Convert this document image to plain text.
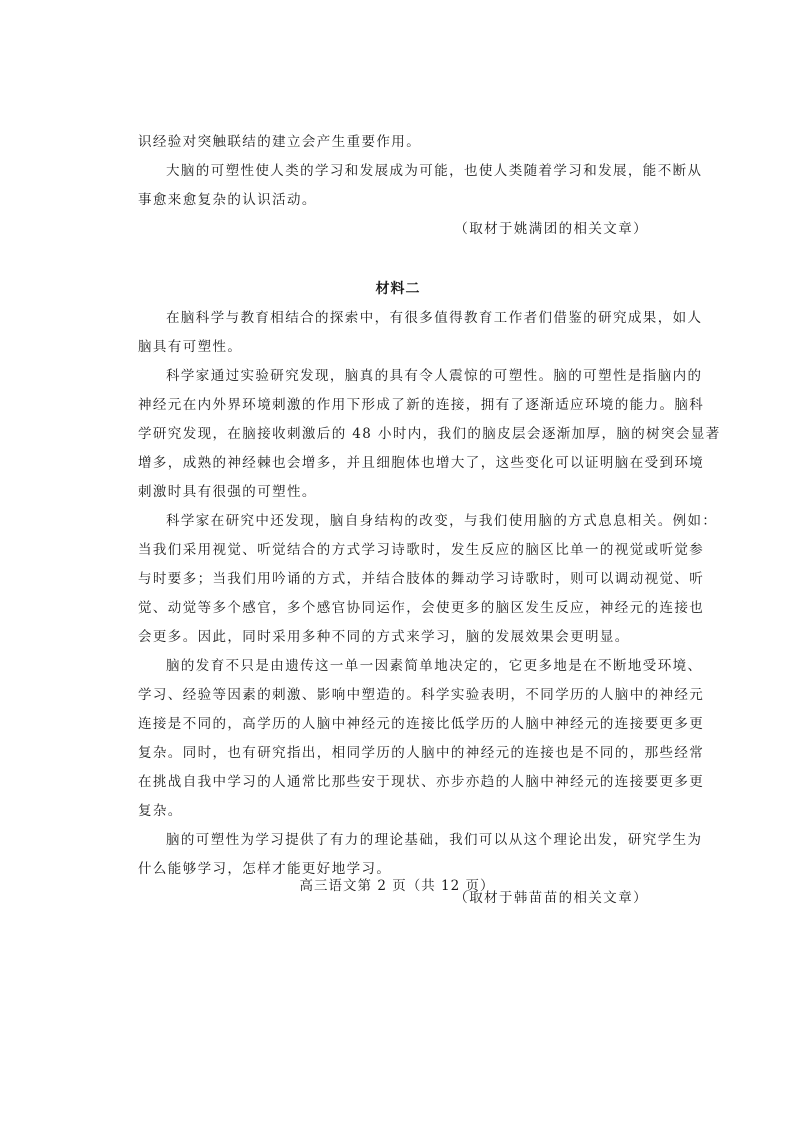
识经验对突触联结的建立会产生重要作用。

大脑的可塑性使人类的学习和发展成为可能，也使人类随着学习和发展，能不断从

事愈来愈复杂的认识活动。

（取材于姚满团的相关文章）

材料二

在脑科学与教育相结合的探索中，有很多值得教育工作者们借鉴的研究成果，如人

脑具有可塑性。

科学家通过实验研究发现，脑真的具有令人震惊的可塑性。脑的可塑性是指脑内的

神经元在内外界环境刺激的作用下形成了新的连接，拥有了逐渐适应环境的能力。脑科

学研究发现，在脑接收刺激后的 48 小时内，我们的脑皮层会逐渐加厚，脑的树突会显著

增多，成熟的神经棘也会增多，并且细胞体也增大了，这些变化可以证明脑在受到环境

刺激时具有很强的可塑性。

科学家在研究中还发现，脑自身结构的改变，与我们使用脑的方式息息相关。例如：

当我们采用视觉、听觉结合的方式学习诗歌时，发生反应的脑区比单一的视觉或听觉参

与时要多；当我们用吟诵的方式，并结合肢体的舞动学习诗歌时，则可以调动视觉、听

觉、动觉等多个感官，多个感官协同运作，会使更多的脑区发生反应，神经元的连接也

会更多。因此，同时采用多种不同的方式来学习，脑的发展效果会更明显。

脑的发育不只是由遗传这一单一因素简单地决定的，它更多地是在不断地受环境、

学习、经验等因素的刺激、影响中塑造的。科学实验表明，不同学历的人脑中的神经元

连接是不同的，高学历的人脑中神经元的连接比低学历的人脑中神经元的连接要更多更

复杂。同时，也有研究指出，相同学历的人脑中的神经元的连接也是不同的，那些经常

在挑战自我中学习的人通常比那些安于现状、亦步亦趋的人脑中神经元的连接要更多更

复杂。

脑的可塑性为学习提供了有力的理论基础，我们可以从这个理论出发，研究学生为

什么能够学习，怎样才能更好地学习。

（取材于韩苗苗的相关文章）

高三语文第 2 页（共 12 页）
